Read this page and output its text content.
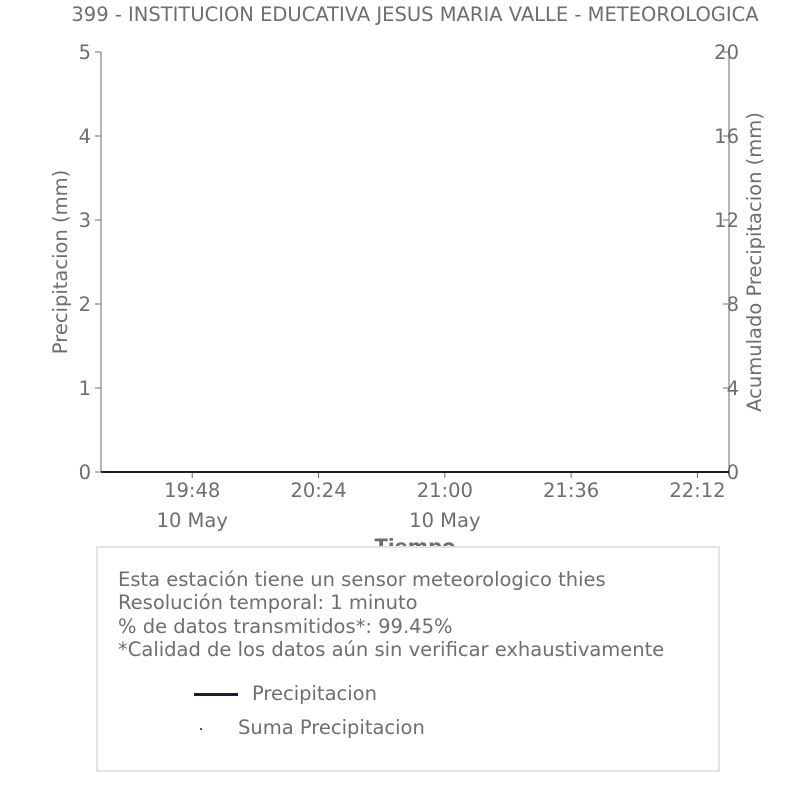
399 - INSTITUCION EDUCATIVA JESUS MARIA VALLE - METEOROLOGICA
0
1
2
3
4
5
0
4
8
12
16
20
19:48
10 May
20:24	21:00
10 May
21:36	22:12
Precipitacion (mm)	Acumulado Precipitacion (mm)
Esta estación tiene un sensor meteorologico thies
Resolución temporal: 1 minuto
% de datos transmitidos*: 99.45%
*Calidad de los datos aún sin verificar exhaustivamente
Precipitacion
Suma Precipitacion
